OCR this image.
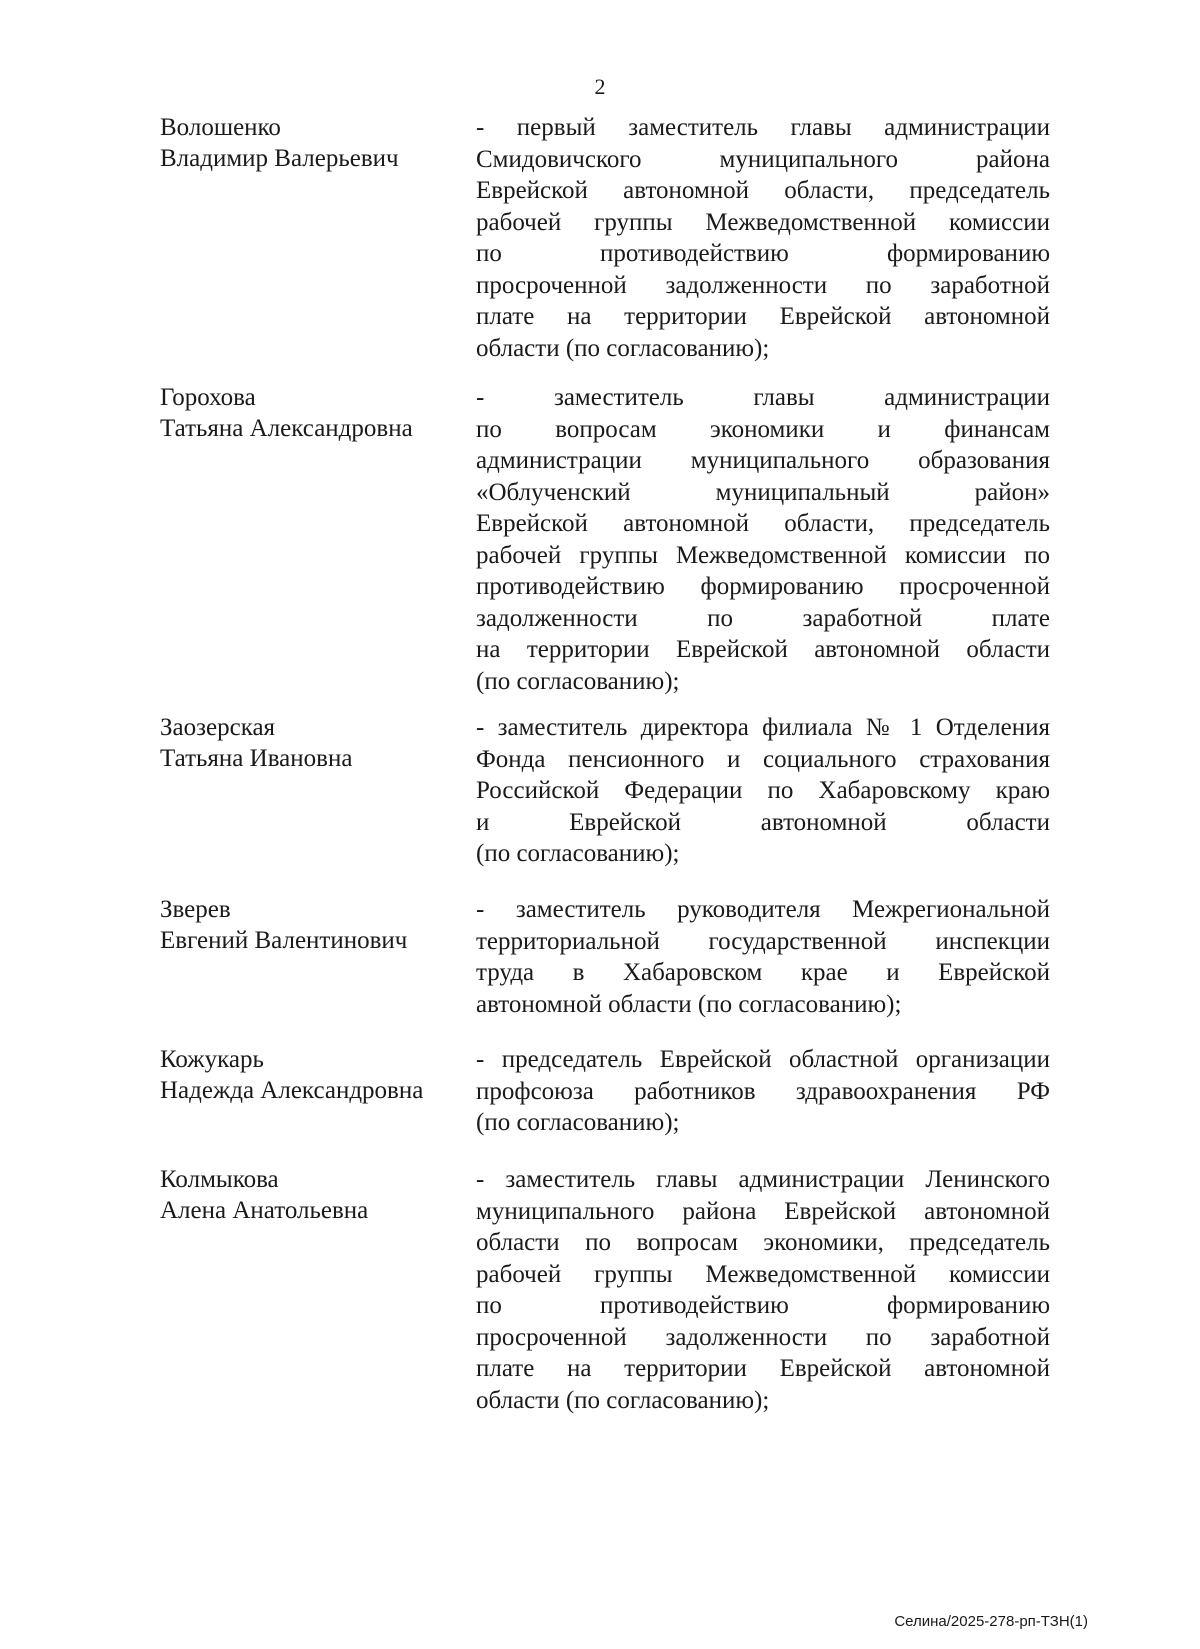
2
Волошенко
Владимир Валерьевич
- первый заместитель главы администрации
Смидовичского муниципального района
Еврейской автономной области, председатель
рабочей группы Межведомственной комиссии
по противодействию формированию
просроченной задолженности по заработной
плате на территории Еврейской автономной
области (по согласованию);
Горохова
Татьяна Александровна
- заместитель главы администрации
по вопросам экономики и финансам
администрации муниципального образования
«Облученский муниципальный район»
Еврейской автономной области, председатель
рабочей группы Межведомственной комиссии по
противодействию формированию просроченной
задолженности по заработной плате
на территории Еврейской автономной области
(по согласованию);
Заозерская
Татьяна Ивановна
- заместитель директора филиала № 1 Отделения
Фонда пенсионного и социального страхования
Российской Федерации по Хабаровскому краю
и Еврейской автономной области
(по согласованию);
Зверев
Евгений Валентинович
- заместитель руководителя Межрегиональной
территориальной государственной инспекции
труда в Хабаровском крае и Еврейской
автономной области (по согласованию);
Кожукарь
Надежда Александровна
- председатель Еврейской областной организации
профсоюза работников здравоохранения РФ
(по согласованию);
Колмыкова
Алена Анатольевна
- заместитель главы администрации Ленинского
муниципального района Еврейской автономной
области по вопросам экономики, председатель
рабочей группы Межведомственной комиссии
по противодействию формированию
просроченной задолженности по заработной
плате на территории Еврейской автономной
области (по согласованию);
Селина/2025-278-рп-ТЗН(1)
